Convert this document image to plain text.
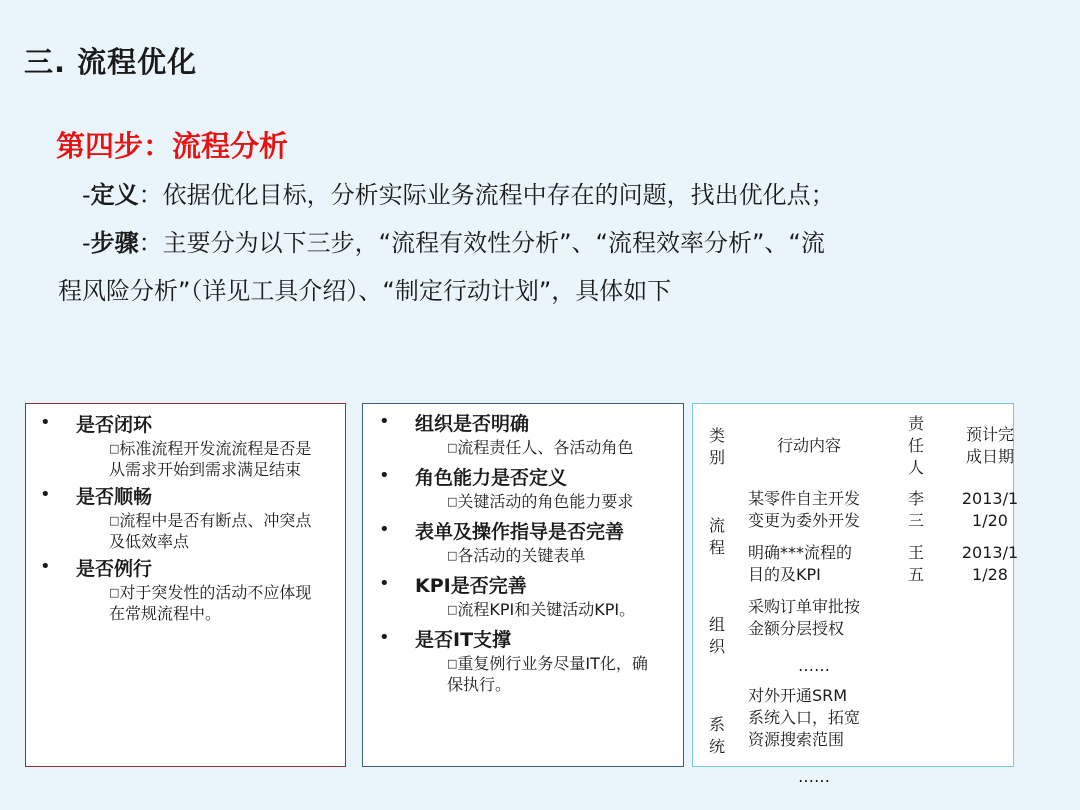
三. 流程优化
第四步：流程分析
-定义：依据优化目标，分析实际业务流程中存在的问题，找出优化点；
-步骤：主要分为以下三步，“流程有效性分析”、“流程效率分析”、“流
程风险分析”（详见工具介绍）、“制定行动计划”，具体如下
• 是否闭环
□标准流程开发流流程是否是
从需求开始到需求满足结束
• 是否顺畅
□流程中是否有断点、冲突点
及低效率点
• 是否例行
□对于突发性的活动不应体现
在常规流程中。
• 组织是否明确
□流程责任人、各活动角色
• 角色能力是否定义
□关键活动的角色能力要求
• 表单及操作指导是否完善
□各活动的关键表单
• KPI是否完善
□流程KPI和关键活动KPI。
• 是否IT支撑
□重复例行业务尽量IT化，确
保执行。
类
别
行动内容
责
任
人
预计完
成日期
流
程
组
织
系
统
某零件自主开发
变更为委外开发
李
三
2013/1
1/20
明确***流程的
目的及KPI
王
五
2013/1
1/28
采购订单审批按
金额分层授权
……
对外开通SRM
系统入口，拓宽
资源搜索范围
……
